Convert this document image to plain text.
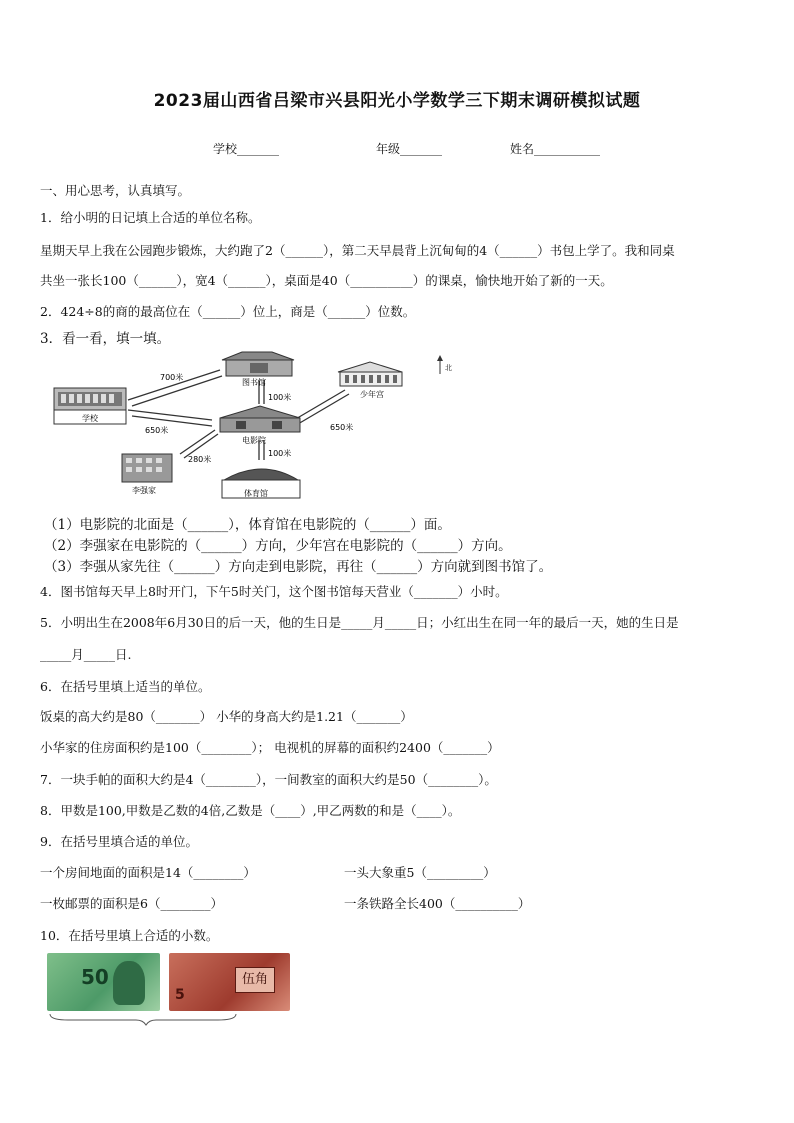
2023届山西省吕梁市兴县阳光小学数学三下期末调研模拟试题
学校_______	年级_______	姓名___________
一、用心思考，认真填写。
1．给小明的日记填上合适的单位名称。
星期天早上我在公园跑步锻炼，大约跑了2（______），第二天早晨背上沉甸甸的4（______）书包上学了。我和同桌
共坐一张长100（______），宽4（______），桌面是40（__________）的课桌，愉快地开始了新的一天。
2．424÷8的商的最高位在（______）位上，商是（______）位数。
3．看一看，填一填。
学校
图书馆
电影院
少年宫
李强家	体育馆
700米
650米
100米
650米
280米
100米
北
（1）电影院的北面是（______），体育馆在电影院的（______）面。
（2）李强家在电影院的（______）方向，少年宫在电影院的（______）方向。
（3）李强从家先往（______）方向走到电影院，再往（______）方向就到图书馆了。
4．图书馆每天早上8时开门，下午5时关门，这个图书馆每天营业（_______）小时。
5．小明出生在2008年6月30日的后一天，他的生日是_____月_____日；小红出生在同一年的最后一天，她的生日是
_____月_____日.
6．在括号里填上适当的单位。
饭桌的高大约是80（_______） 小华的身高大约是1.21（_______）
小华家的住房面积约是100（________）； 电视机的屏幕的面积约2400（_______）
7．一块手帕的面积大约是4（________），一间教室的面积大约是50（________）。
8．甲数是100,甲数是乙数的4倍,乙数是（____）,甲乙两数的和是（____）。
9．在括号里填合适的单位。
一个房间地面的面积是14（________）	一头大象重5（_________）
一枚邮票的面积是6（________）	一条铁路全长400（__________）
10．在括号里填上合适的小数。
50
5
伍角
